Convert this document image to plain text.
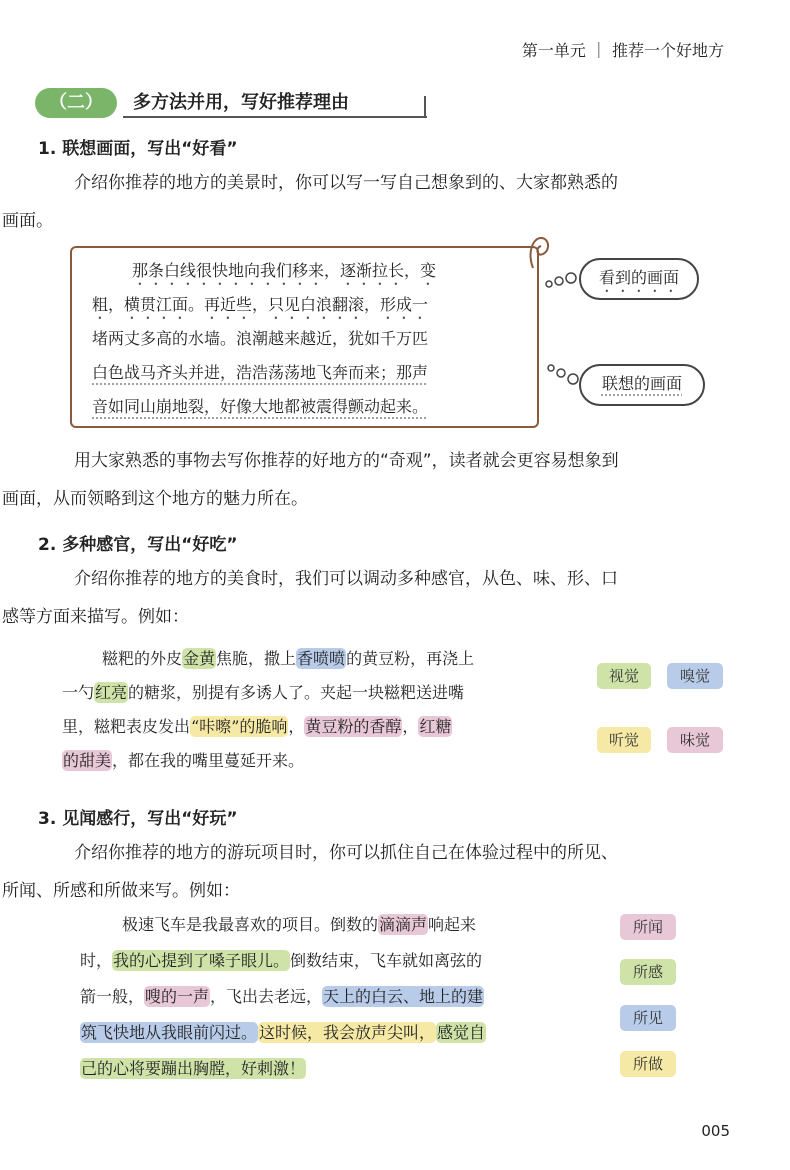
第一单元 ｜ 推荐一个好地方
（二）	多方法并用，写好推荐理由
1. 联想画面，写出“好看”
介绍你推荐的地方的美景时，你可以写一写自己想象到的、大家都熟悉的
画面。
那条白线很快地向我们移来，逐渐拉长，变
粗，横贯江面。再近些，只见白浪翻滚，形成一
堵两丈多高的水墙。浪潮越来越近，犹如千万匹
白色战马齐头并进，浩浩荡荡地飞奔而来；那声
音如同山崩地裂，好像大地都被震得颤动起来。
看到的画面
联想的画面
用大家熟悉的事物去写你推荐的好地方的“奇观”，读者就会更容易想象到
画面，从而领略到这个地方的魅力所在。
2. 多种感官，写出“好吃”
介绍你推荐的地方的美食时，我们可以调动多种感官，从色、味、形、口
感等方面来描写。例如：
糍粑的外皮金黄焦脆，撒上香喷喷的黄豆粉，再浇上
一勺红亮的糖浆，别提有多诱人了。夹起一块糍粑送进嘴
里，糍粑表皮发出“咔嚓”的脆响，黄豆粉的香醇，红糖
的甜美，都在我的嘴里蔓延开来。
视觉	嗅觉
听觉	味觉
3. 见闻感行，写出“好玩”
介绍你推荐的地方的游玩项目时，你可以抓住自己在体验过程中的所见、
所闻、所感和所做来写。例如：
极速飞车是我最喜欢的项目。倒数的滴滴声响起来
时，我的心提到了嗓子眼儿。倒数结束，飞车就如离弦的
箭一般，嗖的一声，飞出去老远，天上的白云、地上的建
筑飞快地从我眼前闪过。 这时候，我会放声尖叫， 感觉自
己的心将要蹦出胸膛，好刺激！
所闻
所感
所见
所做
005
